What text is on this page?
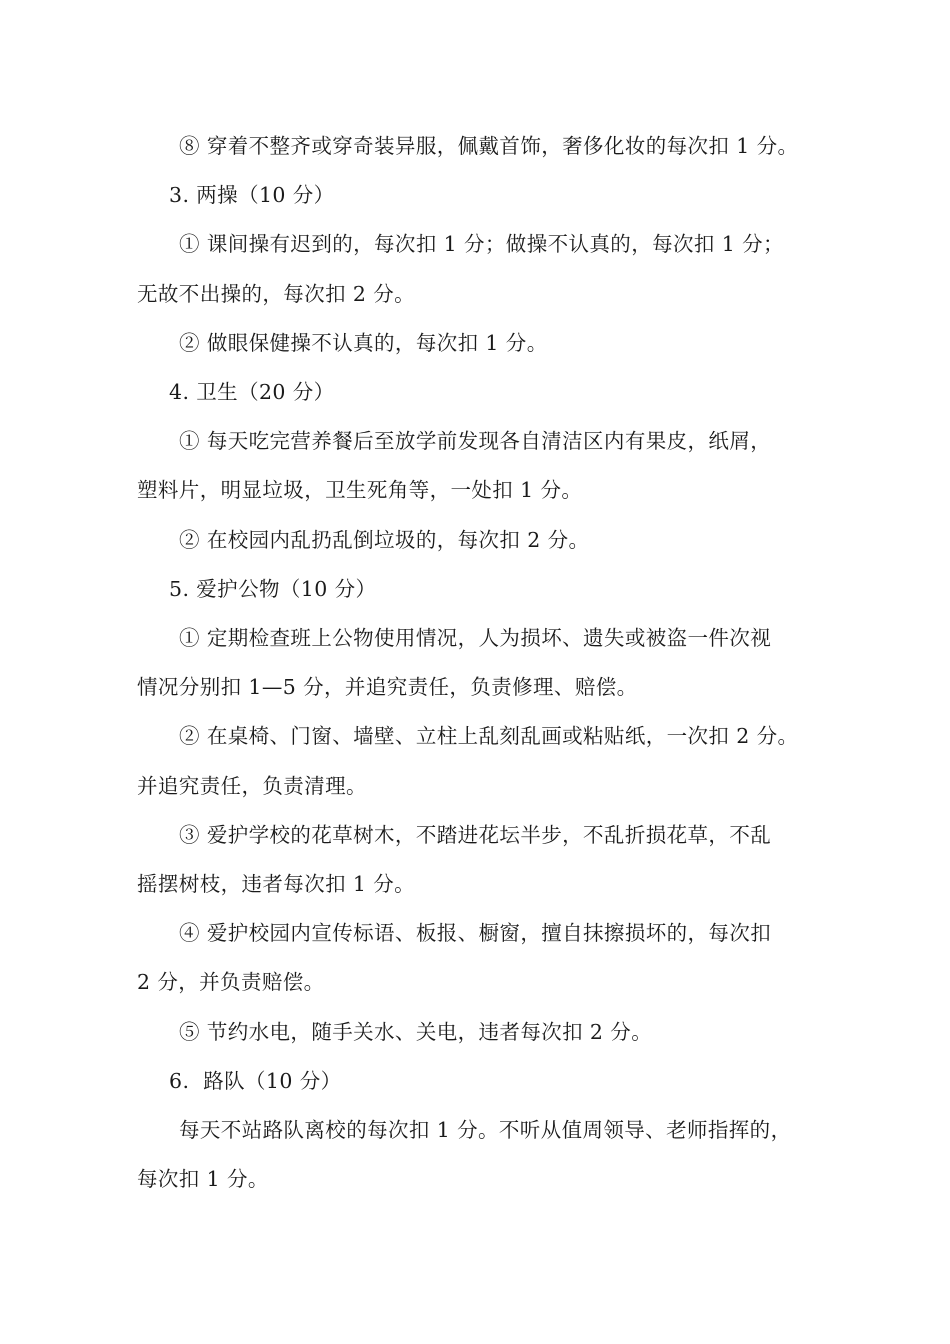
⑧ 穿着不整齐或穿奇装异服，佩戴首饰，奢侈化妆的每次扣 1 分。
3. 两操（10 分）
① 课间操有迟到的，每次扣 1 分；做操不认真的，每次扣 1 分；
无故不出操的，每次扣 2 分。
② 做眼保健操不认真的，每次扣 1 分。
4. 卫生（20 分）
① 每天吃完营养餐后至放学前发现各自清洁区内有果皮，纸屑，
塑料片，明显垃圾，卫生死角等，一处扣 1 分。
② 在校园内乱扔乱倒垃圾的，每次扣 2 分。
5. 爱护公物（10 分）
① 定期检查班上公物使用情况，人为损坏、遗失或被盗一件次视
情况分别扣 1—5 分，并追究责任，负责修理、赔偿。
② 在桌椅、门窗、墙壁、立柱上乱刻乱画或粘贴纸，一次扣 2 分。
并追究责任，负责清理。
③ 爱护学校的花草树木，不踏进花坛半步，不乱折损花草，不乱
摇摆树枝，违者每次扣 1 分。
④ 爱护校园内宣传标语、板报、橱窗，擅自抹擦损坏的，每次扣
2 分，并负责赔偿。
⑤ 节约水电，随手关水、关电，违者每次扣 2 分。
6.  路队（10 分）
每天不站路队离校的每次扣 1 分。不听从值周领导、老师指挥的，
每次扣 1 分。
